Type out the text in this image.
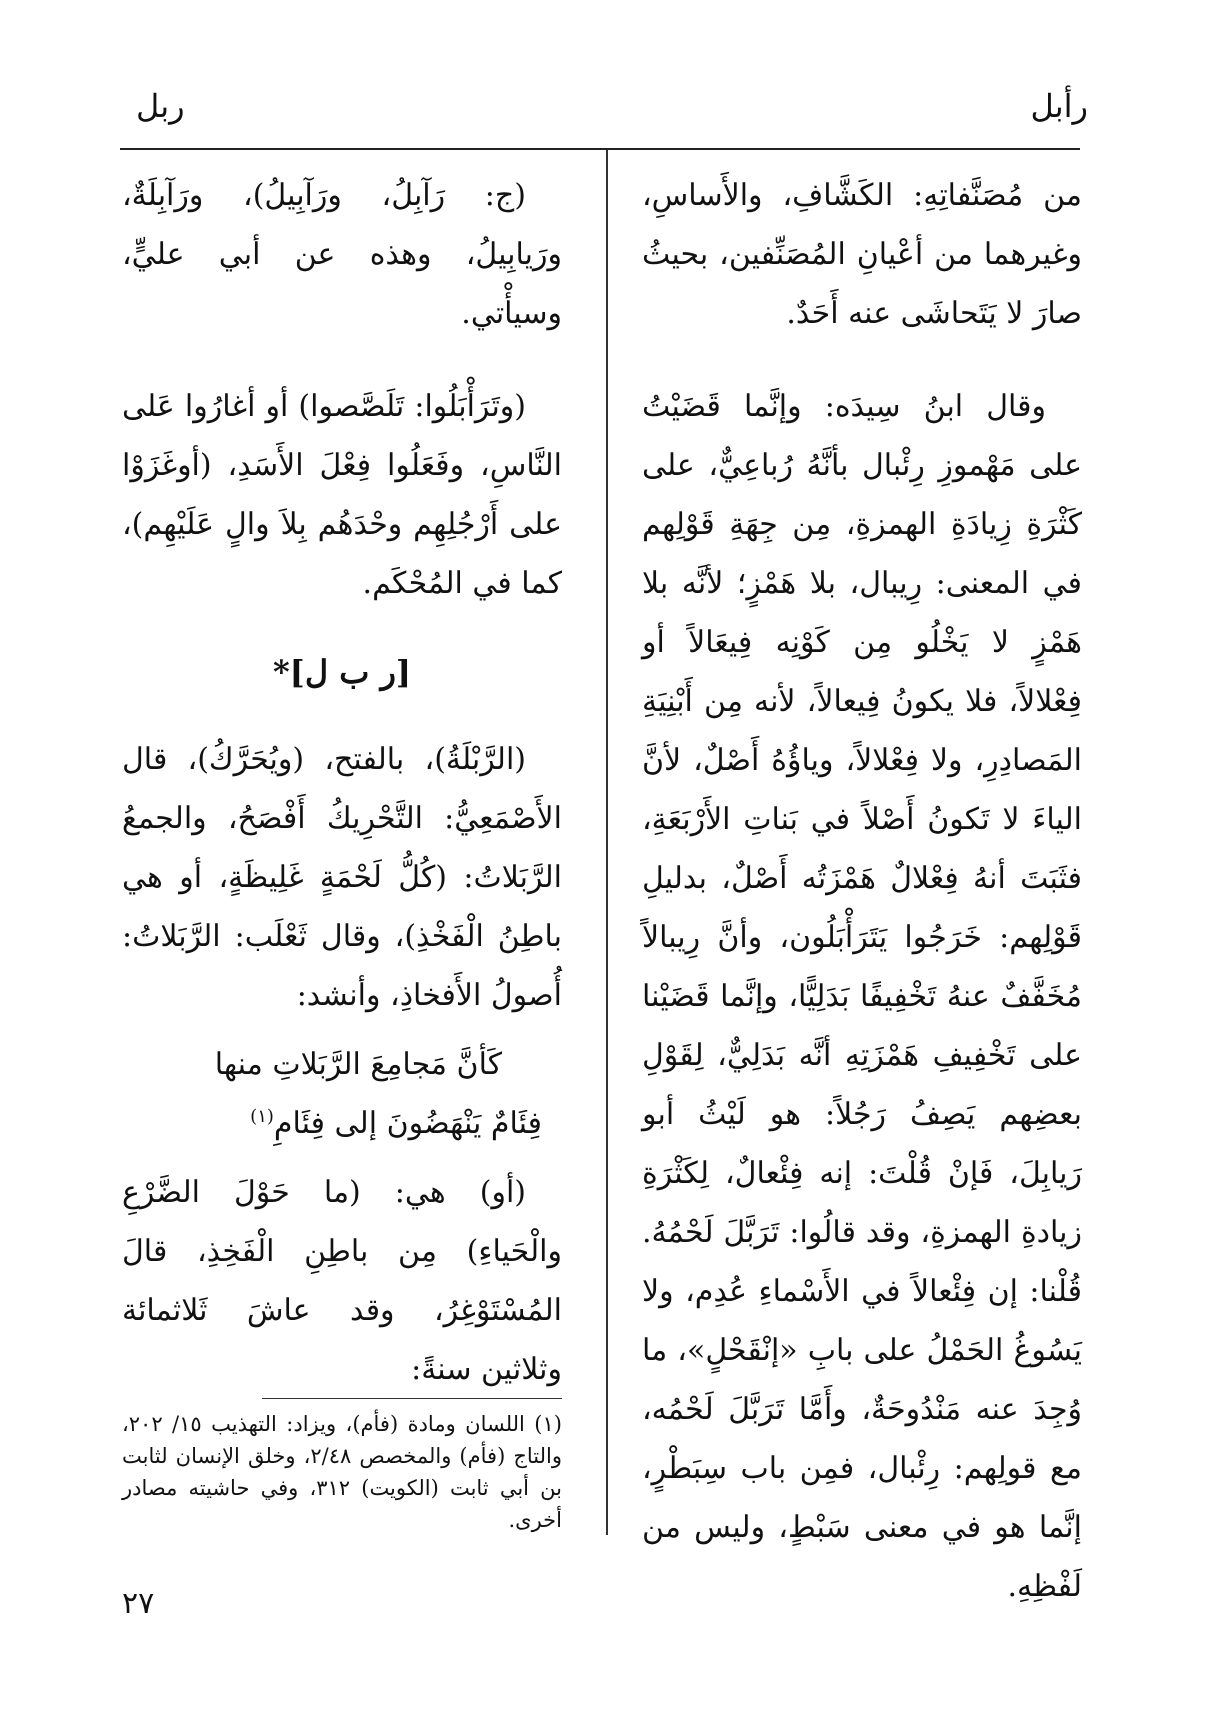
رأبل
ربل

من مُصَنَّفاتِهِ: الكَشَّافِ، والأَساسِ، وغيرهما من أعْيانِ المُصَنِّفين، بحيثُ صارَ لا يَتَحاشَى عنه أَحَدٌ.

وقال ابنُ سِيدَه: وإنَّما قَضَيْتُ على مَهْموزِ رِئْبال بأنَّهُ رُباعِيٌّ، على كَثْرَةِ زِيادَةِ الهمزةِ، مِن جِهَةِ قَوْلِهم في المعنى: رِيبال، بلا هَمْزٍ؛ لأنَّه بلا هَمْزٍ لا يَخْلُو مِن كَوْنِه فِيعَالاً أو فِعْلالاً، فلا يكونُ فِيعالاً، لأنه مِن أَبْنِيَةِ المَصادِرِ، ولا فِعْلالاً، وياؤُهُ أَصْلٌ، لأنَّ الياءَ لا تَكونُ أَصْلاً في بَناتِ الأَرْبَعَةِ، فثَبَتَ أنهُ فِعْلالٌ هَمْزَتُه أَصْلٌ، بدليلِ قَوْلِهم: خَرَجُوا يَتَرَأْبَلُون، وأنَّ رِيبالاً مُخَفَّفٌ عنهُ تَخْفِيفًا بَدَلِيًّا، وإنَّما قَضَيْنا على تَخْفِيفِ هَمْزَتِهِ أنَّه بَدَلِيٌّ، لِقَوْلِ بعضِهم يَصِفُ رَجُلاً: هو لَيْثُ أبو رَيابِلَ، فَإنْ قُلْتَ: إنه فِئْعالٌ، لِكَثْرَةِ زيادةِ الهمزةِ، وقد قالُوا: تَرَبَّلَ لَحْمُهُ. قُلْنا: إن فِئْعالاً في الأَسْماءِ عُدِم، ولا يَسُوغُ الحَمْلُ على بابِ «إنْقَحْلٍ»، ما وُجِدَ عنه مَنْدُوحَةٌ، وأَمَّا تَرَبَّلَ لَحْمُه، مع قولِهم: رِئْبال، فمِن باب سِبَطْرٍ، إنَّما هو في معنى سَبْطٍ، وليس من لَفْظِهِ.

(ج: رَآبِلُ، ورَآبِيلُ)، ورَآبِلَةٌ، ورَيابِيلُ، وهذه عن أبي عليٍّ، وسيأْتي.

(وتَرَأْبَلُوا: تَلَصَّصوا) أو أغارُوا عَلى النَّاسِ، وفَعَلُوا فِعْلَ الأَسَدِ، (أوغَزَوْا على أَرْجُلِهِم وحْدَهُم بِلاَ والٍ عَلَيْهِم)، كما في المُحْكَم.

[ر ب ل]*

(الرَّبْلَةُ)، بالفتح، (ويُحَرَّكُ)، قال الأَصْمَعِيُّ: التَّحْرِيكُ أَفْصَحُ، والجمعُ الرَّبَلاتُ: (كُلُّ لَحْمَةٍ غَلِيظَةٍ، أو هي باطِنُ الْفَخْذِ)، وقال ثَعْلَب: الرَّبَلاتُ: أُصولُ الأَفخاذِ، وأنشد:

كَأنَّ مَجامِعَ الرَّبَلاتِ منها

فِئَامٌ يَنْهَضُونَ إلى فِئَامِ$^{(١)}$

(أو) هي: (ما حَوْلَ الضَّرْعِ والْحَياءِ) مِن باطِنِ الْفَخِذِ، قالَ المُسْتَوْغِرُ، وقد عاشَ ثَلاثمائة وثلاثين سنةً:

(١) اللسان ومادة (فأم)، ويزاد: التهذيب ١٥/ ٢٠٢، والتاج (فأم) والمخصص ٢/٤٨، وخلق الإنسان لثابت بن أبي ثابت (الكويت) ٣١٢، وفي حاشيته مصادر أخرى.
٢٧
